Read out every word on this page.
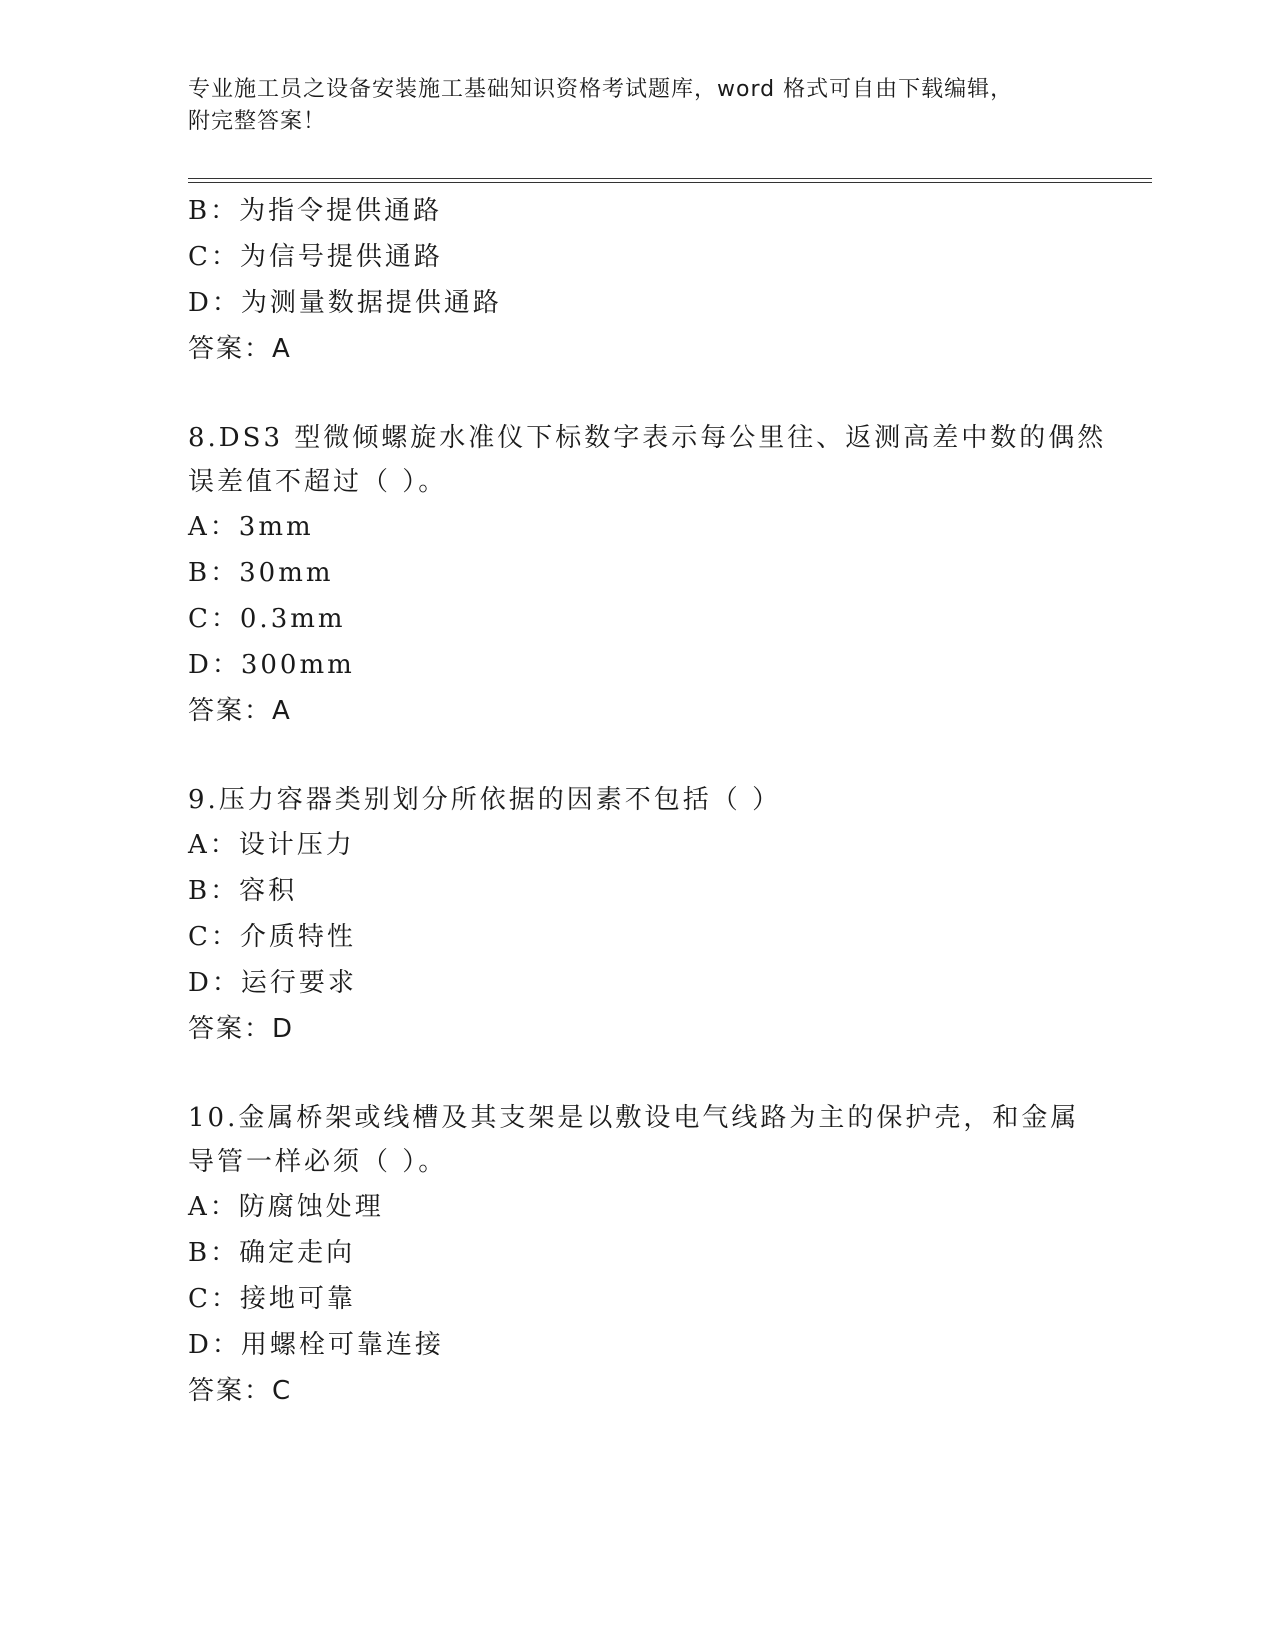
专业施工员之设备安装施工基础知识资格考试题库，word 格式可自由下载编辑，
附完整答案！
B：为指令提供通路
C：为信号提供通路
D：为测量数据提供通路
答案：A
8.DS3 型微倾螺旋水准仪下标数字表示每公里往、返测高差中数的偶然
误差值不超过（ ）。
A：3mm
B：30mm
C：0.3mm
D：300mm
答案：A
9.压力容器类别划分所依据的因素不包括（ ）
A：设计压力
B：容积
C：介质特性
D：运行要求
答案：D
10.金属桥架或线槽及其支架是以敷设电气线路为主的保护壳，和金属
导管一样必须（ ）。
A：防腐蚀处理
B：确定走向
C：接地可靠
D：用螺栓可靠连接
答案：C
